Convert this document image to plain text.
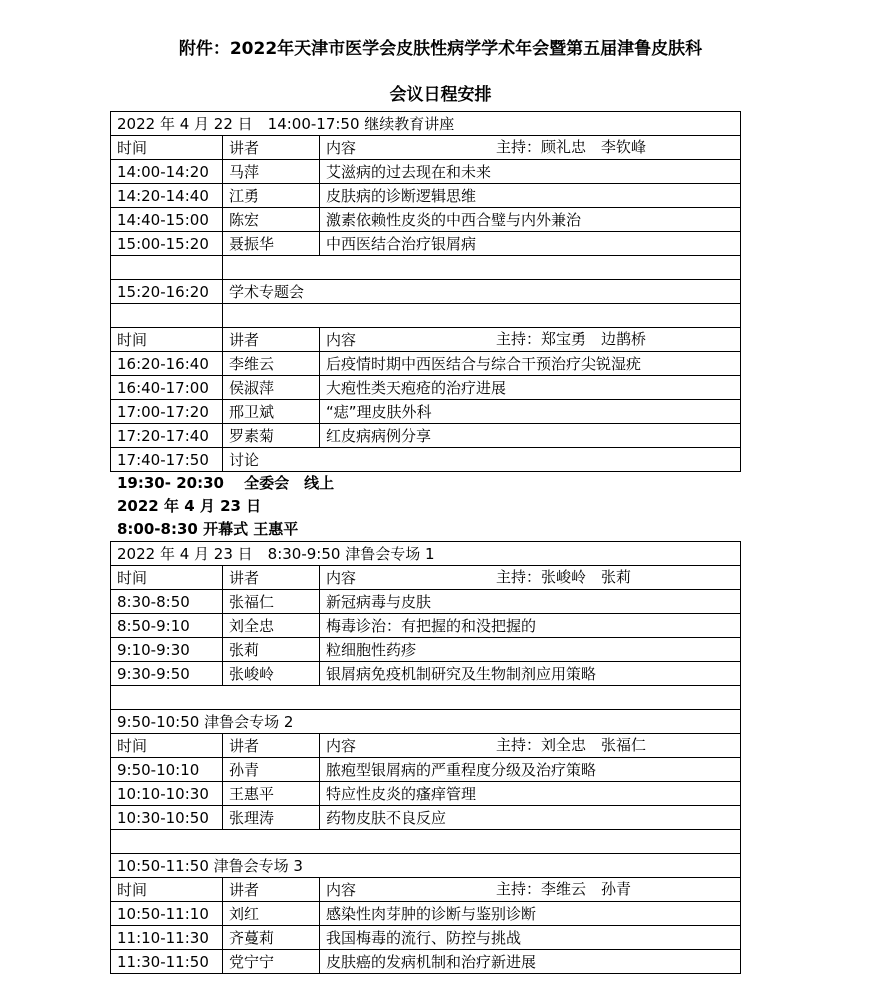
附件：2022年天津市医学会皮肤性病学学术年会暨第五届津鲁皮肤科

会议日程安排

2022 年 4 月 22 日　14:00-17:50 继续教育讲座		
时间	讲者	内容 主持：顾礼忠　李钦峰

14:00-14:20	马萍	艾滋病的过去现在和未来
14:20-14:40	江勇	皮肤病的诊断逻辑思维
14:40-15:00	陈宏	激素依赖性皮炎的中西合璧与内外兼治
15:00-15:20	聂振华	中西医结合治疗银屑病

15:20-16:20	学术专题会	

时间	讲者	内容 主持：郑宝勇　边鹊桥

16:20-16:40	李维云	后疫情时期中西医结合与综合干预治疗尖锐湿疣
16:40-17:00	侯淑萍	大疱性类天疱疮的治疗进展
17:00-17:20	邢卫斌	“痣”理皮肤外科
17:20-17:40	罗素菊	红皮病病例分享
17:40-17:50	讨论	

19:30- 20:30　 全委会　线上

2022 年 4 月 23 日

8:00-8:30 开幕式 王惠平

2022 年 4 月 23 日　8:30-9:50 津鲁会专场 1		
时间	讲者	内容 主持：张峻岭　张莉

8:30-8:50	张福仁	新冠病毒与皮肤
8:50-9:10	刘全忠	梅毒诊治：有把握的和没把握的
9:10-9:30	张莉	粒细胞性药疹
9:30-9:50	张峻岭	银屑病免疫机制研究及生物制剂应用策略

9:50-10:50 津鲁会专场 2		
时间	讲者	内容 主持：刘全忠　张福仁

9:50-10:10	孙青	脓疱型银屑病的严重程度分级及治疗策略
10:10-10:30	王惠平	特应性皮炎的瘙痒管理
10:30-10:50	张理涛	药物皮肤不良反应

10:50-11:50 津鲁会专场 3		
时间	讲者	内容 主持：李维云　孙青

10:50-11:10	刘红	感染性肉芽肿的诊断与鉴别诊断
11:10-11:30	齐蔓莉	我国梅毒的流行、防控与挑战
11:30-11:50	党宁宁	皮肤癌的发病机制和治疗新进展
